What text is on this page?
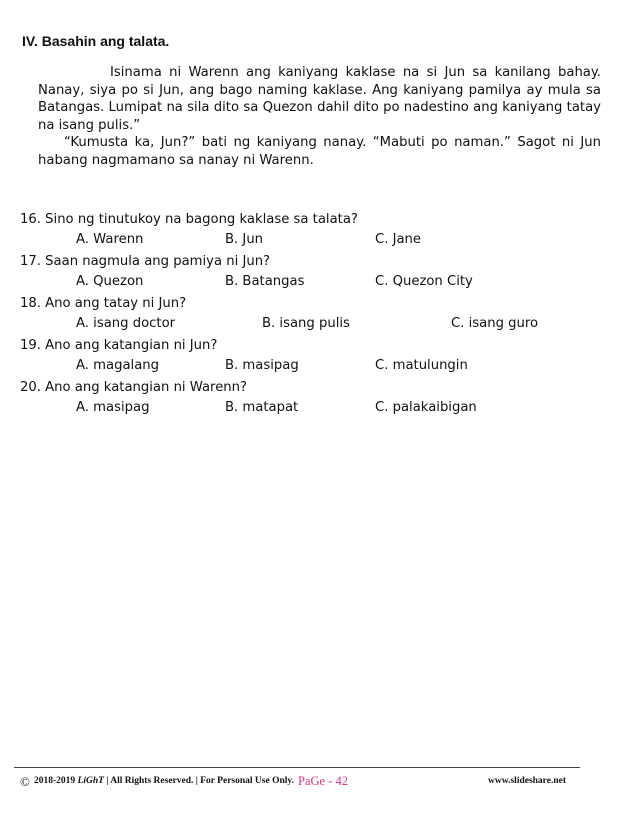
IV. Basahin ang talata.

Isinama ni Warenn ang kaniyang kaklase na si Jun sa kanilang bahay. Nanay, siya po si Jun, ang bago naming kaklase. Ang kaniyang pamilya ay mula sa Batangas. Lumipat na sila dito sa Quezon dahil dito po nadestino ang kaniyang tatay na isang pulis.”

“Kumusta ka, Jun?” bati ng kaniyang nanay. “Mabuti po naman.” Sagot ni Jun habang nagmamano sa nanay ni Warenn.

16. Sino ng tinutukoy na bagong kaklase sa talata?
A. Warenn	B. Jun	C. Jane
17. Saan nagmula ang pamiya ni Jun?
A. Quezon	B. Batangas	C. Quezon City
18. Ano ang tatay ni Jun?
A. isang doctor	B. isang pulis	C. isang guro
19. Ano ang katangian ni Jun?
A. magalang	B. masipag	C. matulungin
20. Ano ang katangian ni Warenn?
A. masipag	B. matapat	C. palakaibigan
© 2018-2019 LiGhT | All Rights Reserved. | For Personal Use Only. PaGe - 42	www.slideshare.net
